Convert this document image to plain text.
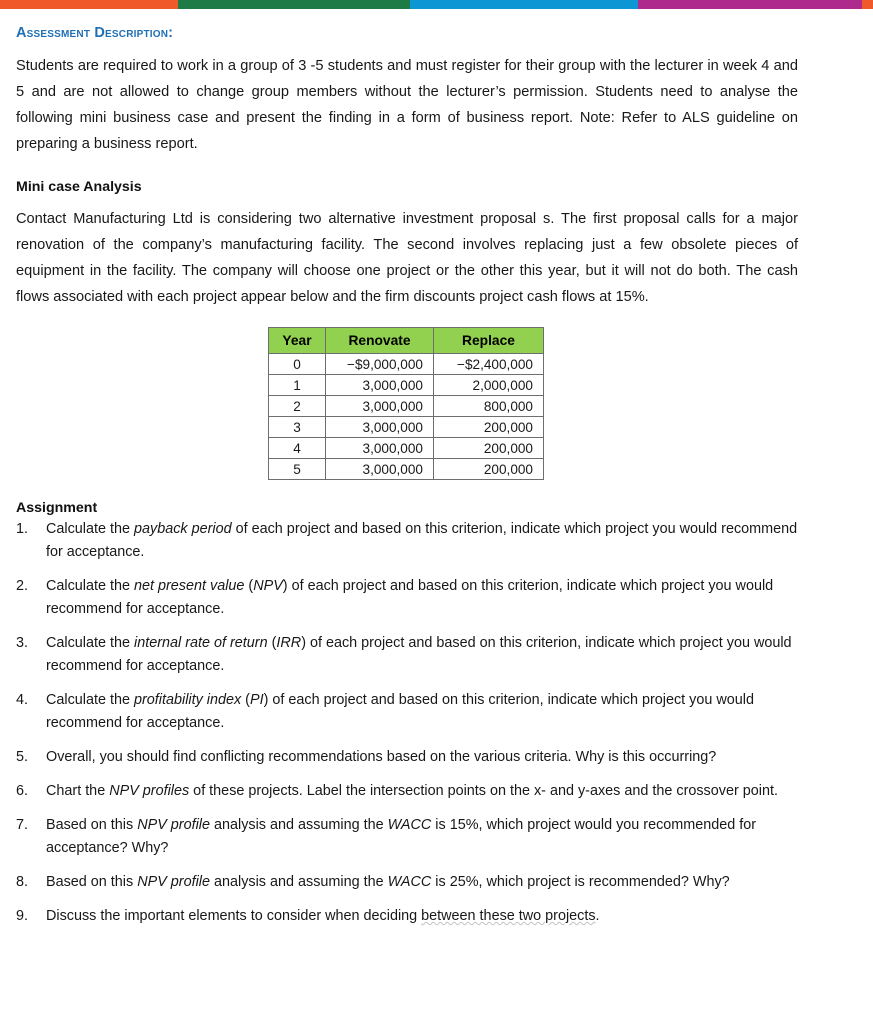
Assessment Description:

Students are required to work in a group of 3 -5 students and must register for their group with the lecturer in week 4 and 5 and are not allowed to change group members without the lecturer’s permission. Students need to analyse the following mini business case and present the finding in a form of business report. Note: Refer to ALS guideline on preparing a business report.

Mini case Analysis

Contact Manufacturing Ltd is considering two alternative investment proposal s. The first proposal calls for a major renovation of the company’s manufacturing facility. The second involves replacing just a few obsolete pieces of equipment in the facility. The company will choose one project or the other this year, but it will not do both. The cash flows associated with each project appear below and the firm discounts project cash flows at 15%.

Year	Renovate	Replace
0	−$9,000,000	−$2,400,000
1	3,000,000	2,000,000
2	3,000,000	800,000
3	3,000,000	200,000
4	3,000,000	200,000
5	3,000,000	200,000
Assignment
1.	Calculate the payback period of each project and based on this criterion, indicate which project you would recommend for acceptance.
2.	Calculate the net present value (NPV) of each project and based on this criterion, indicate which project you would recommend for acceptance.
3.	Calculate the internal rate of return (IRR) of each project and based on this criterion, indicate which project you would recommend for acceptance.
4.	Calculate the profitability index (PI) of each project and based on this criterion, indicate which project you would recommend for acceptance.
5.	Overall, you should find conflicting recommendations based on the various criteria. Why is this occurring?
6.	Chart the NPV profiles of these projects. Label the intersection points on the x- and y-axes and the crossover point.
7.	Based on this NPV profile analysis and assuming the WACC is 15%, which project would you recommended for acceptance? Why?
8.	Based on this NPV profile analysis and assuming the WACC is 25%, which project is recommended? Why?
9.	Discuss the important elements to consider when deciding between these two projects.
